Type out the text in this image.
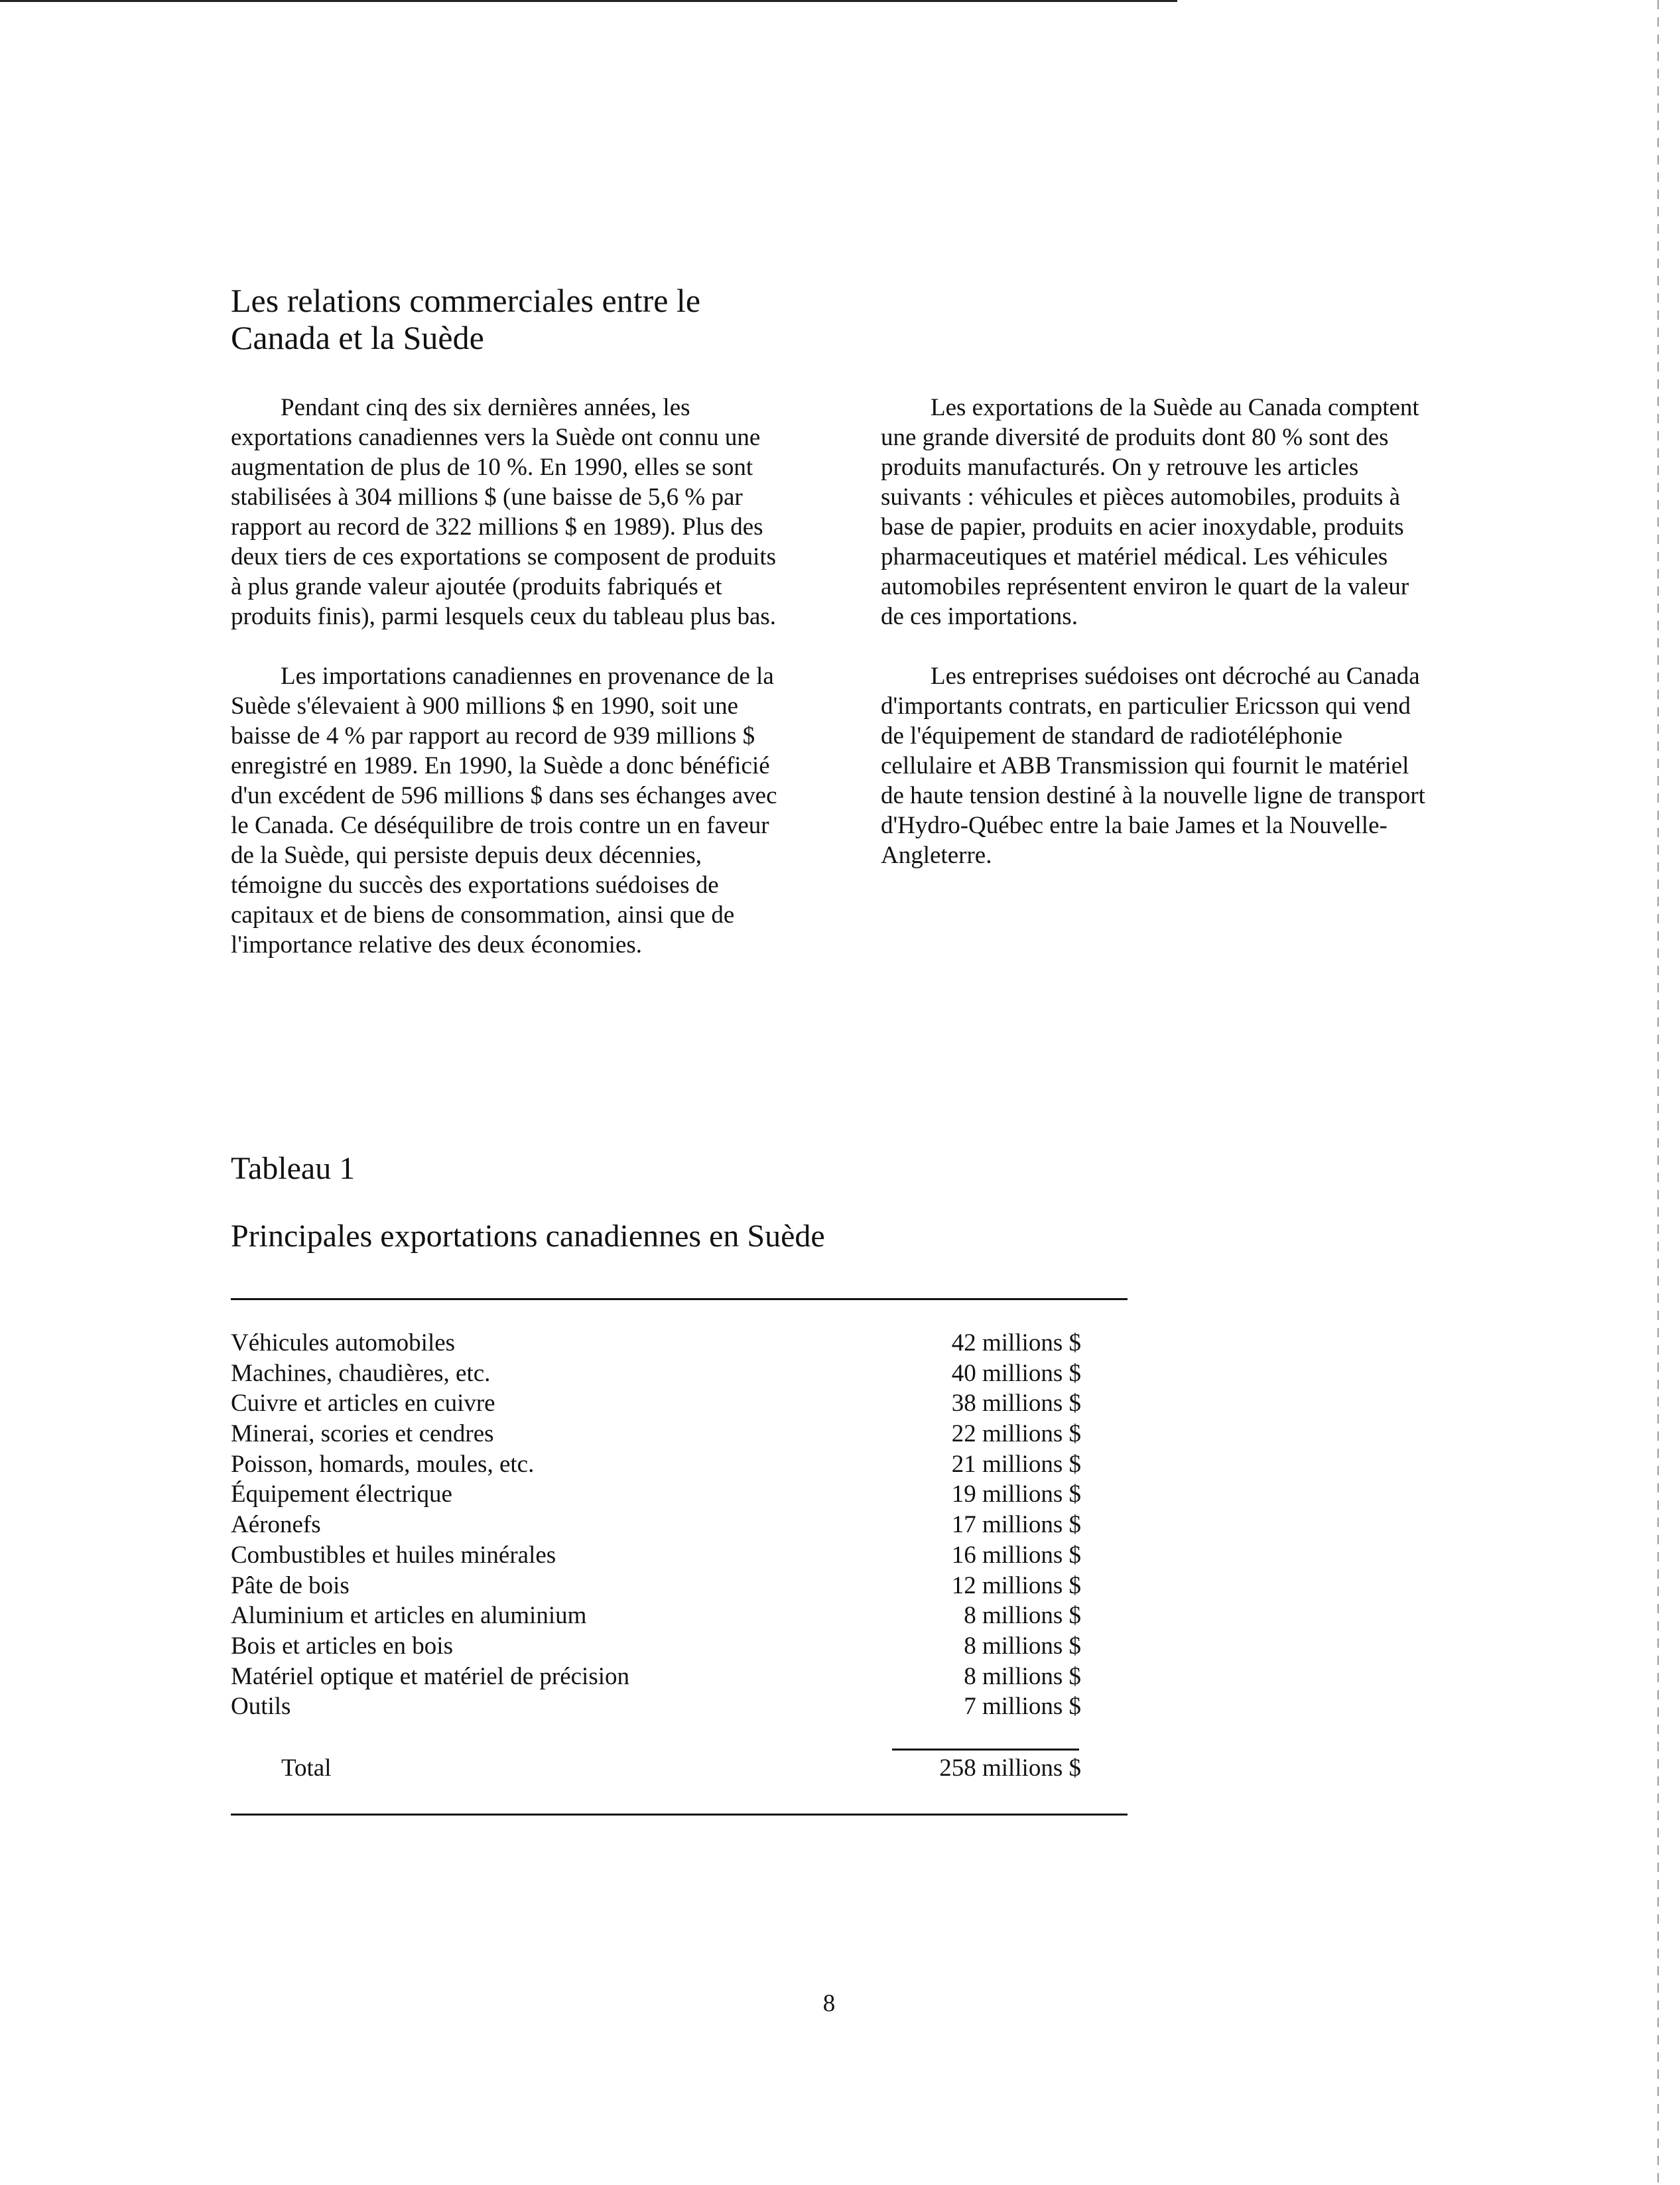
Les relations commerciales entre le
Canada et la Suède

Pendant cinq des six dernières années, les exportations canadiennes vers la Suède ont connu une augmentation de plus de 10 %. En 1990, elles se sont stabilisées à 304 millions $ (une baisse de 5,6 % par rapport au record de 322 millions $ en 1989). Plus des deux tiers de ces exportations se composent de produits à plus grande valeur ajoutée (produits fabriqués et produits finis), parmi lesquels ceux du tableau plus bas.

Les importations canadiennes en provenance de la Suède s'élevaient à 900 millions $ en 1990, soit une baisse de 4 % par rapport au record de 939 millions $ enregistré en 1989. En 1990, la Suède a donc bénéficié d'un excédent de 596 millions $ dans ses échanges avec le Canada. Ce déséquilibre de trois contre un en faveur de la Suède, qui persiste depuis deux décennies, témoigne du succès des exportations suédoises de capitaux et de biens de consommation, ainsi que de l'importance relative des deux économies.

Les exportations de la Suède au Canada comptent une grande diversité de produits dont 80 % sont des produits manufacturés. On y retrouve les articles suivants : véhicules et pièces automobiles, produits à base de papier, produits en acier inoxydable, produits pharmaceutiques et matériel médical. Les véhicules automobiles représentent environ le quart de la valeur de ces importations.

Les entreprises suédoises ont décroché au Canada d'importants contrats, en particulier Ericsson qui vend de l'équipement de standard de radiotéléphonie cellulaire et ABB Transmission qui fournit le matériel de haute tension destiné à la nouvelle ligne de transport d'Hydro-Québec entre la baie James et la Nouvelle-Angleterre.

Tableau 1
Principales exportations canadiennes en Suède
Véhicules automobiles	42 millions $
Machines, chaudières, etc.	40 millions $
Cuivre et articles en cuivre	38 millions $
Minerai, scories et cendres	22 millions $
Poisson, homards, moules, etc.	21 millions $
Équipement électrique	19 millions $
Aéronefs	17 millions $
Combustibles et huiles minérales	16 millions $
Pâte de bois	12 millions $
Aluminium et articles en aluminium	8 millions $
Bois et articles en bois	8 millions $
Matériel optique et matériel de précision	8 millions $
Outils	7 millions $
Total	258 millions $
8
